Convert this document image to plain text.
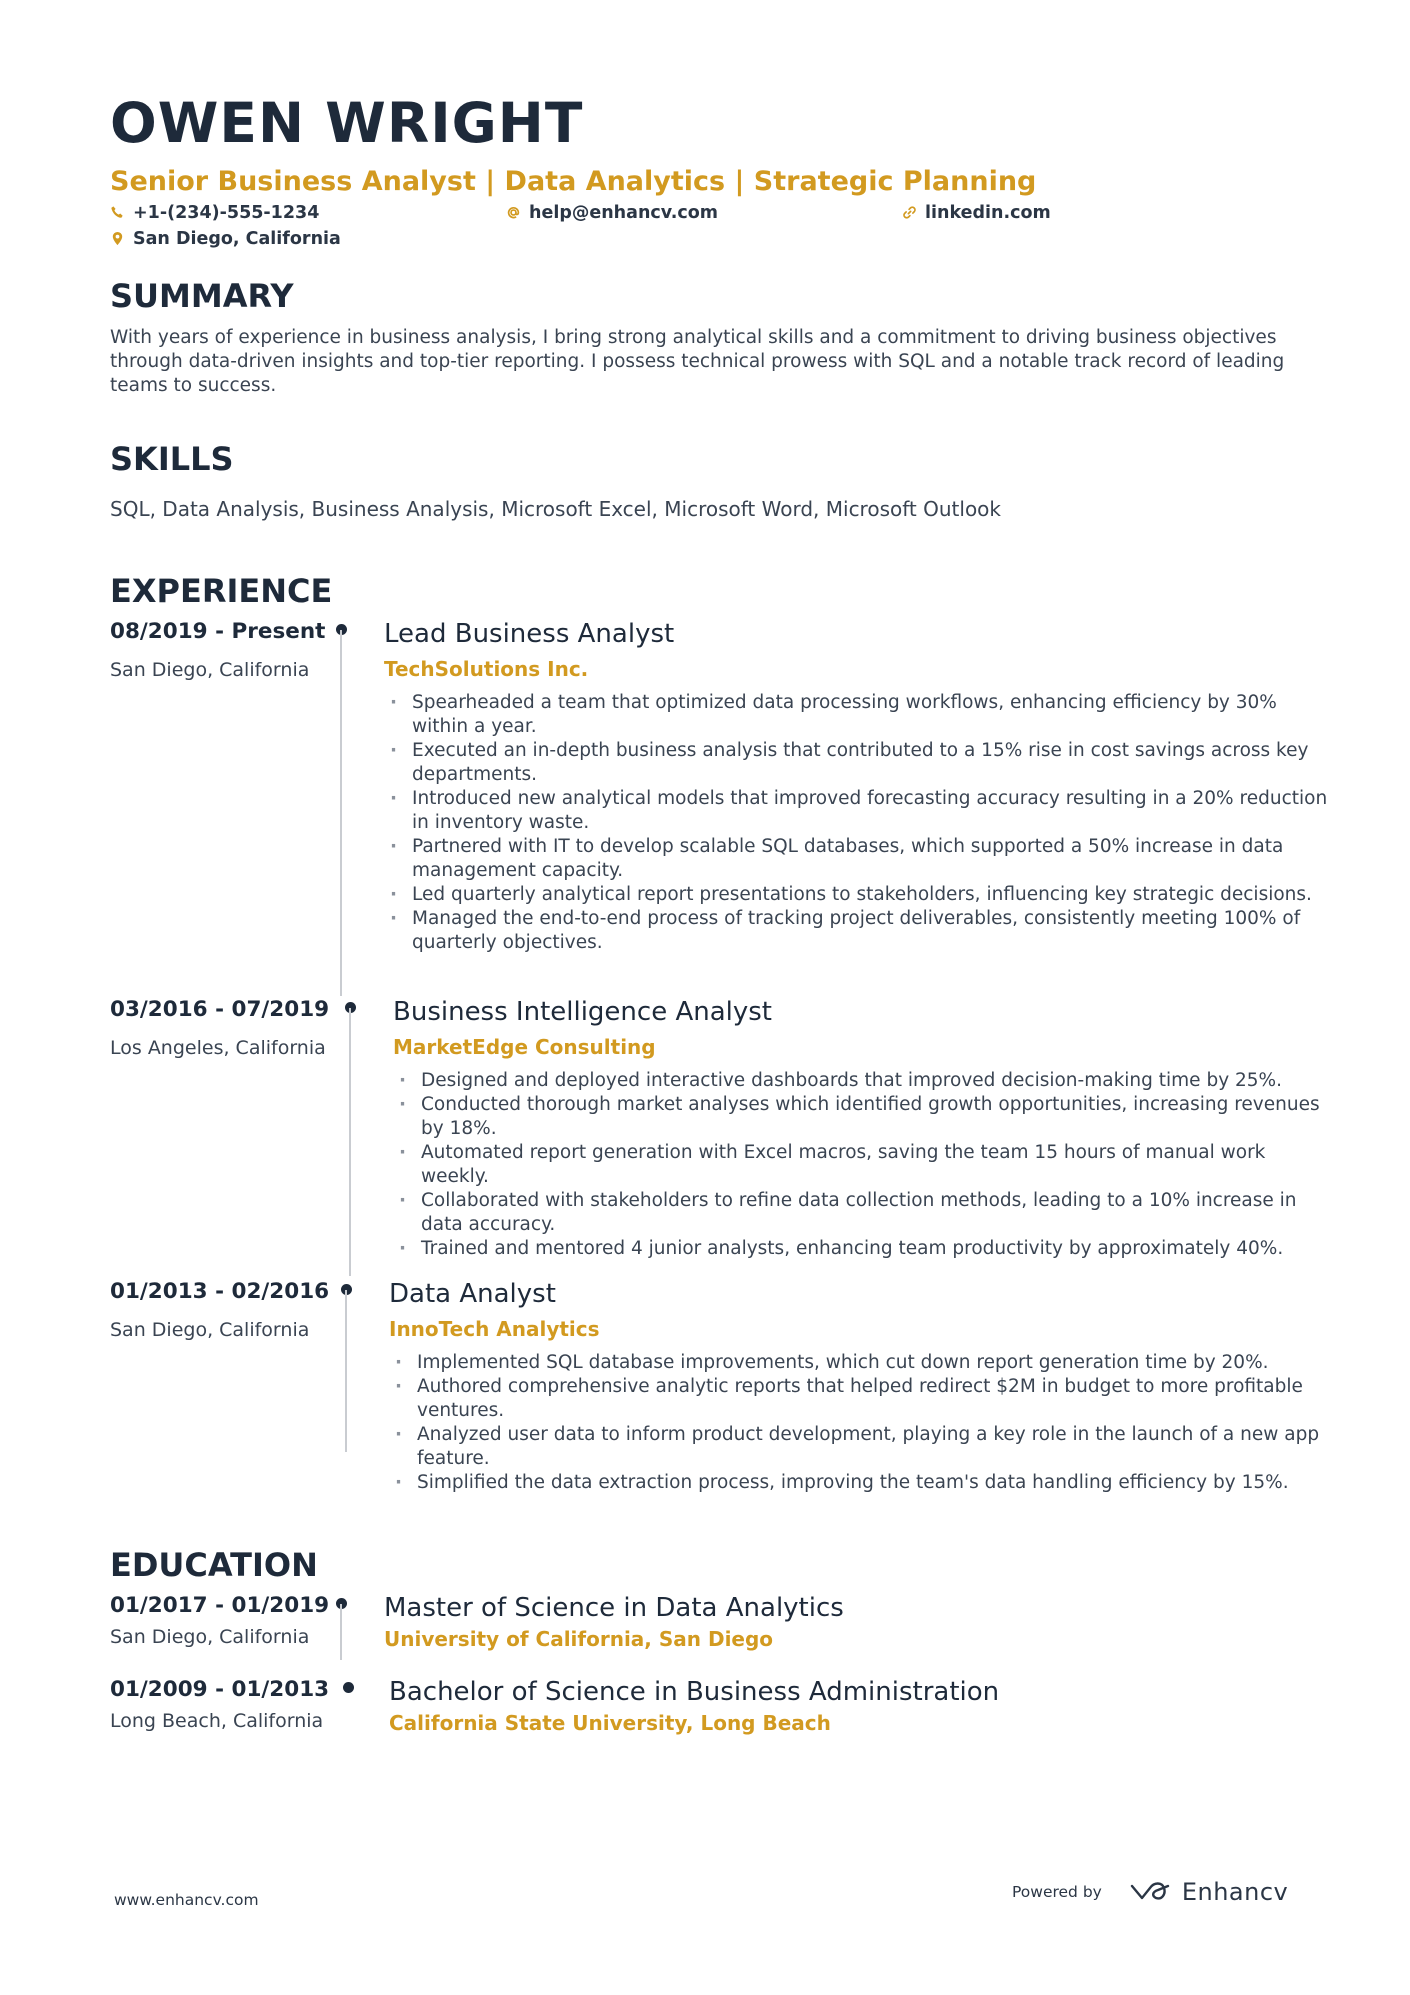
OWEN WRIGHT
Senior Business Analyst | Data Analytics | Strategic Planning
+1-(234)-555-1234	help@enhancv.com	linkedin.com
San Diego, California
SUMMARY
With years of experience in business analysis, I bring strong analytical skills and a commitment to driving business objectives through data-driven insights and top-tier reporting. I possess technical prowess with SQL and a notable track record of leading teams to success.
SKILLS
SQL, Data Analysis, Business Analysis, Microsoft Excel, Microsoft Word, Microsoft Outlook
EXPERIENCE
08/2019 - Present
San Diego, California
Lead Business Analyst
TechSolutions Inc.
· Spearheaded a team that optimized data processing workflows, enhancing efficiency by 30% within a year.
· Executed an in-depth business analysis that contributed to a 15% rise in cost savings across key departments.
· Introduced new analytical models that improved forecasting accuracy resulting in a 20% reduction in inventory waste.
· Partnered with IT to develop scalable SQL databases, which supported a 50% increase in data management capacity.
· Led quarterly analytical report presentations to stakeholders, influencing key strategic decisions.
· Managed the end-to-end process of tracking project deliverables, consistently meeting 100% of quarterly objectives.
03/2016 - 07/2019
Los Angeles, California
Business Intelligence Analyst
MarketEdge Consulting
· Designed and deployed interactive dashboards that improved decision-making time by 25%.
· Conducted thorough market analyses which identified growth opportunities, increasing revenues by 18%.
· Automated report generation with Excel macros, saving the team 15 hours of manual work weekly.
· Collaborated with stakeholders to refine data collection methods, leading to a 10% increase in data accuracy.
· Trained and mentored 4 junior analysts, enhancing team productivity by approximately 40%.
01/2013 - 02/2016
San Diego, California
Data Analyst
InnoTech Analytics
· Implemented SQL database improvements, which cut down report generation time by 20%.
· Authored comprehensive analytic reports that helped redirect $2M in budget to more profitable ventures.
· Analyzed user data to inform product development, playing a key role in the launch of a new app feature.
· Simplified the data extraction process, improving the team's data handling efficiency by 15%.
EDUCATION
01/2017 - 01/2019
San Diego, California
Master of Science in Data Analytics
University of California, San Diego
01/2009 - 01/2013
Long Beach, California
Bachelor of Science in Business Administration
California State University, Long Beach
www.enhancv.com	Powered by	Enhancv
